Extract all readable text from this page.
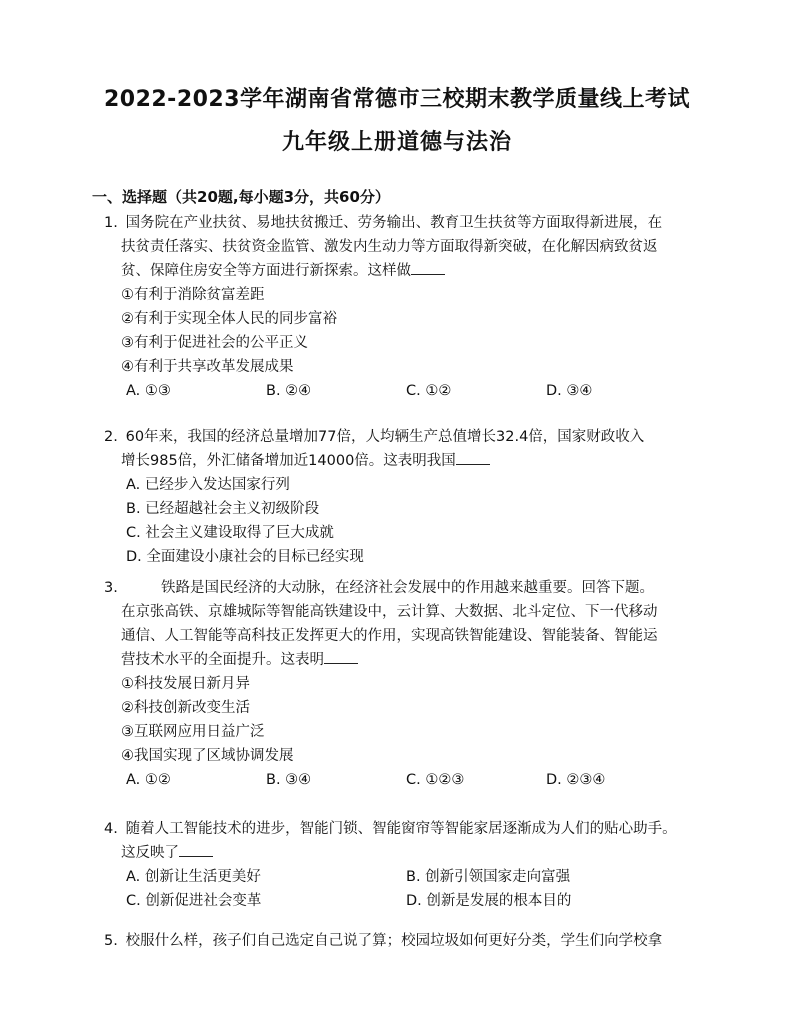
2022-2023学年湖南省常德市三校期末教学质量线上考试
九年级上册道德与法治
一、选择题（共20题,每小题3分，共60分）
1. 国务院在产业扶贫、易地扶贫搬迁、劳务输出、教育卫生扶贫等方面取得新进展，在
扶贫责任落实、扶贫资金监管、激发内生动力等方面取得新突破，在化解因病致贫返
贫、保障住房安全等方面进行新探索。这样做
①有利于消除贫富差距
②有利于实现全体人民的同步富裕
③有利于促进社会的公平正义
④有利于共享改革发展成果
A. ①③	B. ②④	C. ①②	D. ③④
2. 60年来，我国的经济总量增加77倍，人均辆生产总值增长32.4倍，国家财政收入
增长985倍，外汇储备增加近14000倍。这表明我国
A. 已经步入发达国家行列
B. 已经超越社会主义初级阶段
C. 社会主义建设取得了巨大成就
D. 全面建设小康社会的目标已经实现
3.	铁路是国民经济的大动脉，在经济社会发展中的作用越来越重要。回答下题。
在京张高铁、京雄城际等智能高铁建设中，云计算、大数据、北斗定位、下一代移动
通信、人工智能等高科技正发挥更大的作用，实现高铁智能建设、智能装备、智能运
营技术水平的全面提升。这表明
①科技发展日新月异
②科技创新改变生活
③互联网应用日益广泛
④我国实现了区域协调发展
A. ①②	B. ③④	C. ①②③	D. ②③④
4. 随着人工智能技术的进步，智能门锁、智能窗帘等智能家居逐渐成为人们的贴心助手。
这反映了
A. 创新让生活更美好	B. 创新引领国家走向富强
C. 创新促进社会变革	D. 创新是发展的根本目的
5. 校服什么样，孩子们自己选定自己说了算；校园垃圾如何更好分类，学生们向学校拿
